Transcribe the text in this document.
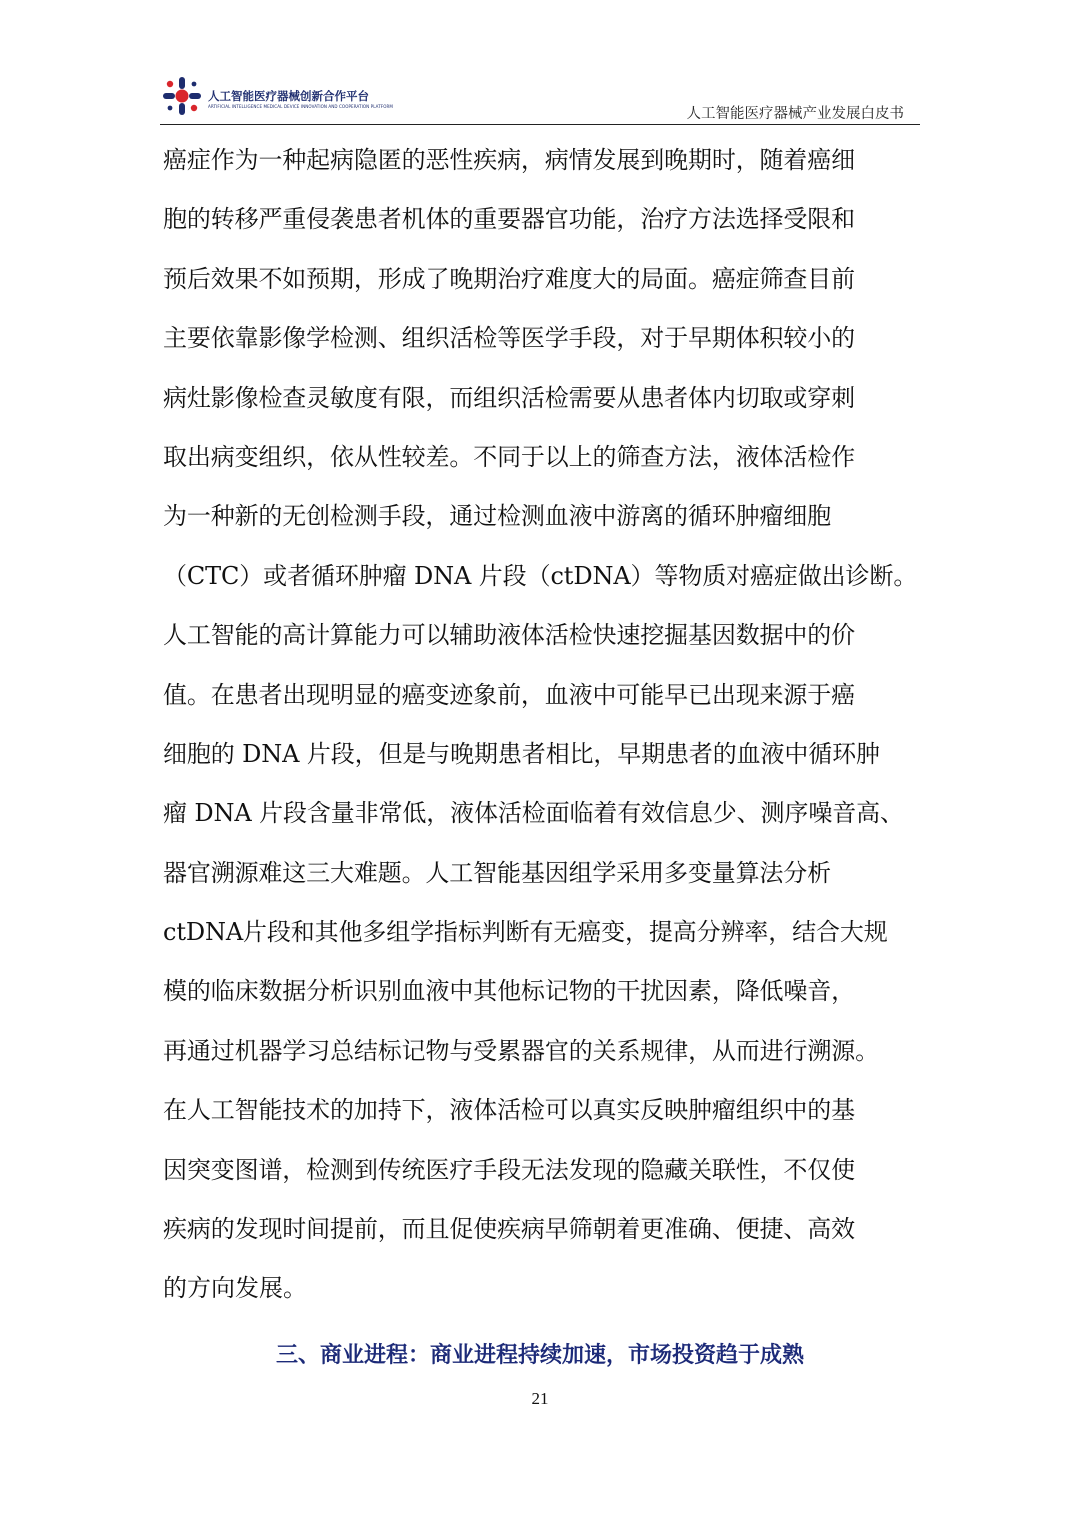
人工智能医疗器械创新合作平台
ARTIFICIAL INTELLIGENCE MEDICAL DEVICE INNOVATION AND COOPERATION PLATFORM	人工智能医疗器械产业发展白皮书
癌症作为一种起病隐匿的恶性疾病，病情发展到晚期时，随着癌细
胞的转移严重侵袭患者机体的重要器官功能，治疗方法选择受限和
预后效果不如预期，形成了晚期治疗难度大的局面。癌症筛查目前
主要依靠影像学检测、组织活检等医学手段，对于早期体积较小的
病灶影像检查灵敏度有限，而组织活检需要从患者体内切取或穿刺
取出病变组织，依从性较差。不同于以上的筛查方法，液体活检作
为一种新的无创检测手段，通过检测血液中游离的循环肿瘤细胞
（CTC）或者循环肿瘤 DNA 片段（ctDNA）等物质对癌症做出诊断。
人工智能的高计算能力可以辅助液体活检快速挖掘基因数据中的价
值。在患者出现明显的癌变迹象前，血液中可能早已出现来源于癌
细胞的 DNA 片段，但是与晚期患者相比，早期患者的血液中循环肿
瘤 DNA 片段含量非常低，液体活检面临着有效信息少、测序噪音高、
器官溯源难这三大难题。人工智能基因组学采用多变量算法分析
ctDNA片段和其他多组学指标判断有无癌变，提高分辨率，结合大规
模的临床数据分析识别血液中其他标记物的干扰因素，降低噪音，
再通过机器学习总结标记物与受累器官的关系规律，从而进行溯源。
在人工智能技术的加持下，液体活检可以真实反映肿瘤组织中的基
因突变图谱，检测到传统医疗手段无法发现的隐藏关联性，不仅使
疾病的发现时间提前，而且促使疾病早筛朝着更准确、便捷、高效
的方向发展。
三、商业进程：商业进程持续加速，市场投资趋于成熟
21
